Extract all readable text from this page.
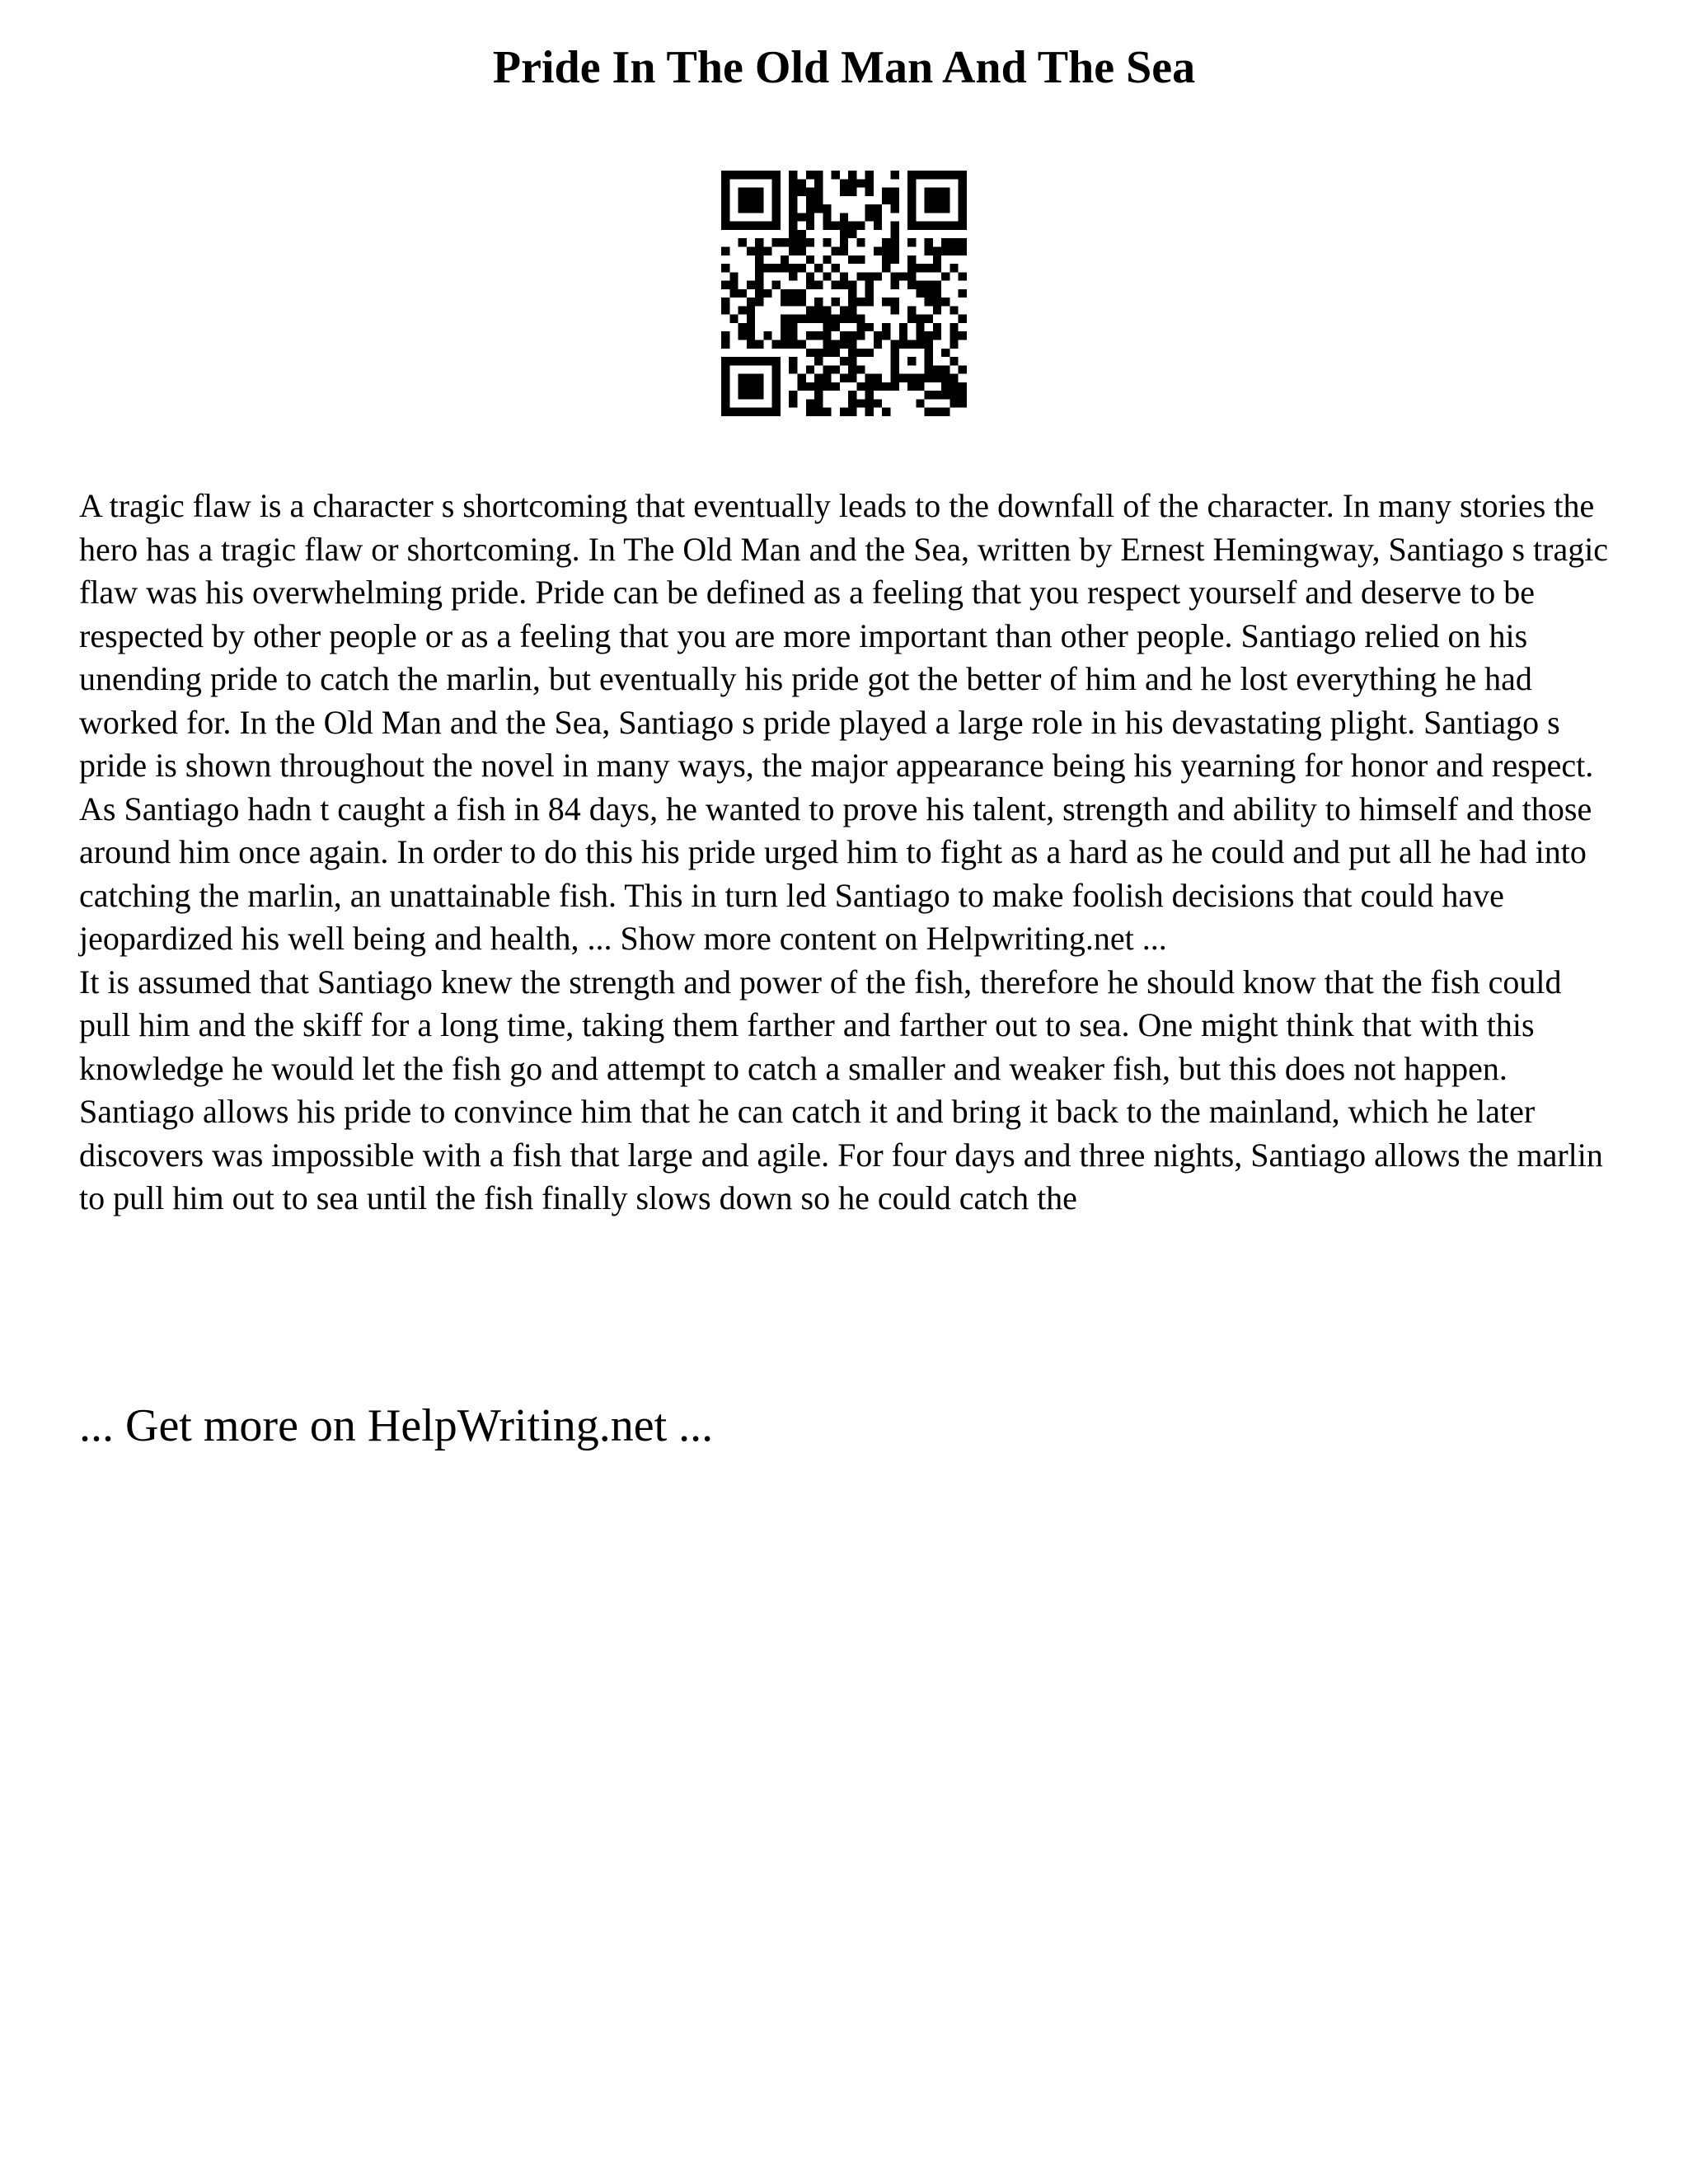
Pride In The Old Man And The Sea

A tragic flaw is a character s shortcoming that eventually leads to the downfall of the character. In many stories the hero has a tragic flaw or shortcoming. In The Old Man and the Sea, written by Ernest Hemingway, Santiago s tragic flaw was his overwhelming pride. Pride can be defined as a feeling that you respect yourself and deserve to be respected by other people or as a feeling that you are more important than other people. Santiago relied on his unending pride to catch the marlin, but eventually his pride got the better of him and he lost everything he had worked for. In the Old Man and the Sea, Santiago s pride played a large role in his devastating plight. Santiago s pride is shown throughout the novel in many ways, the major appearance being his yearning for honor and respect. As Santiago hadn t caught a fish in 84 days, he wanted to prove his talent, strength and ability to himself and those around him once again. In order to do this his pride urged him to fight as a hard as he could and put all he had into catching the marlin, an unattainable fish. This in turn led Santiago to make foolish decisions that could have jeopardized his well being and health, ... Show more content on Helpwriting.net ...

It is assumed that Santiago knew the strength and power of the fish, therefore he should know that the fish could pull him and the skiff for a long time, taking them farther and farther out to sea. One might think that with this knowledge he would let the fish go and attempt to catch a smaller and weaker fish, but this does not happen. Santiago allows his pride to convince him that he can catch it and bring it back to the mainland, which he later discovers was impossible with a fish that large and agile. For four days and three nights, Santiago allows the marlin to pull him out to sea until the fish finally slows down so he could catch the

... Get more on HelpWriting.net ...
